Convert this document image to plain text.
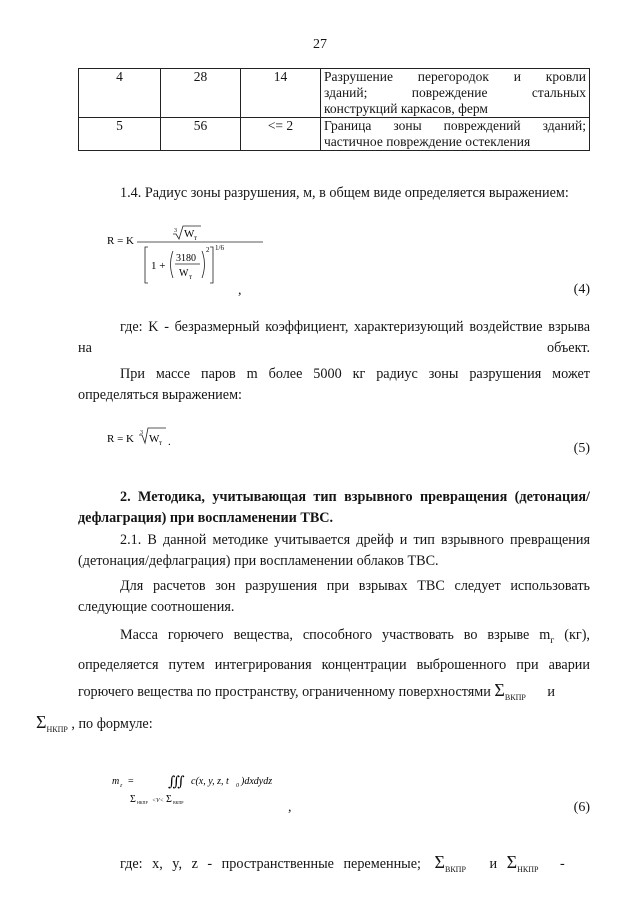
27
4	28	14	Разрушение перегородок и кровли
зданий; повреждение стальных
конструкций каркасов, ферм

5	56	<= 2	Граница зоны повреждений зданий;
частичное повреждение остекления
1.4. Радиус зоны разрушения, м, в общем виде определяется выражением:
R = K
3 W т
1 +
3180
W т
2 1/6
,	(4)
где: K - безразмерный коэффициент, характеризующий воздействие взрыва на объект.
При массе паров m более 5000 кг радиус зоны разрушения может определяться выражением:
R = K 3 W т .	(5)
2. Методика, учитывающая тип взрывного превращения (детонация/дефлаграция) при воспламенении ТВС.
2.1. В данной методике учитывается дрейф и тип взрывного превращения (детонация/дефлаграция) при воспламенении облаков ТВС.
Для расчетов зон разрушения при взрывах ТВС следует использовать следующие соотношения.
Масса горючего вещества, способного участвовать во взрыве $m_г$ (кг), определяется путем интегрирования концентрации выброшенного при аварии горючего вещества по пространству, ограниченному поверхностями $\Sigma_{ВКПР}$ и
$\Sigma_{НКПР}$ , по формуле:
m г = ∭ c(x, y, z, t 0 )dxdydz
Σ НКПР <V< Σ ВКПР	,	(6)
где: x, y, z - пространственные переменные; $\Sigma_{ВКПР}$ и $\Sigma_{НКПР}$ -
